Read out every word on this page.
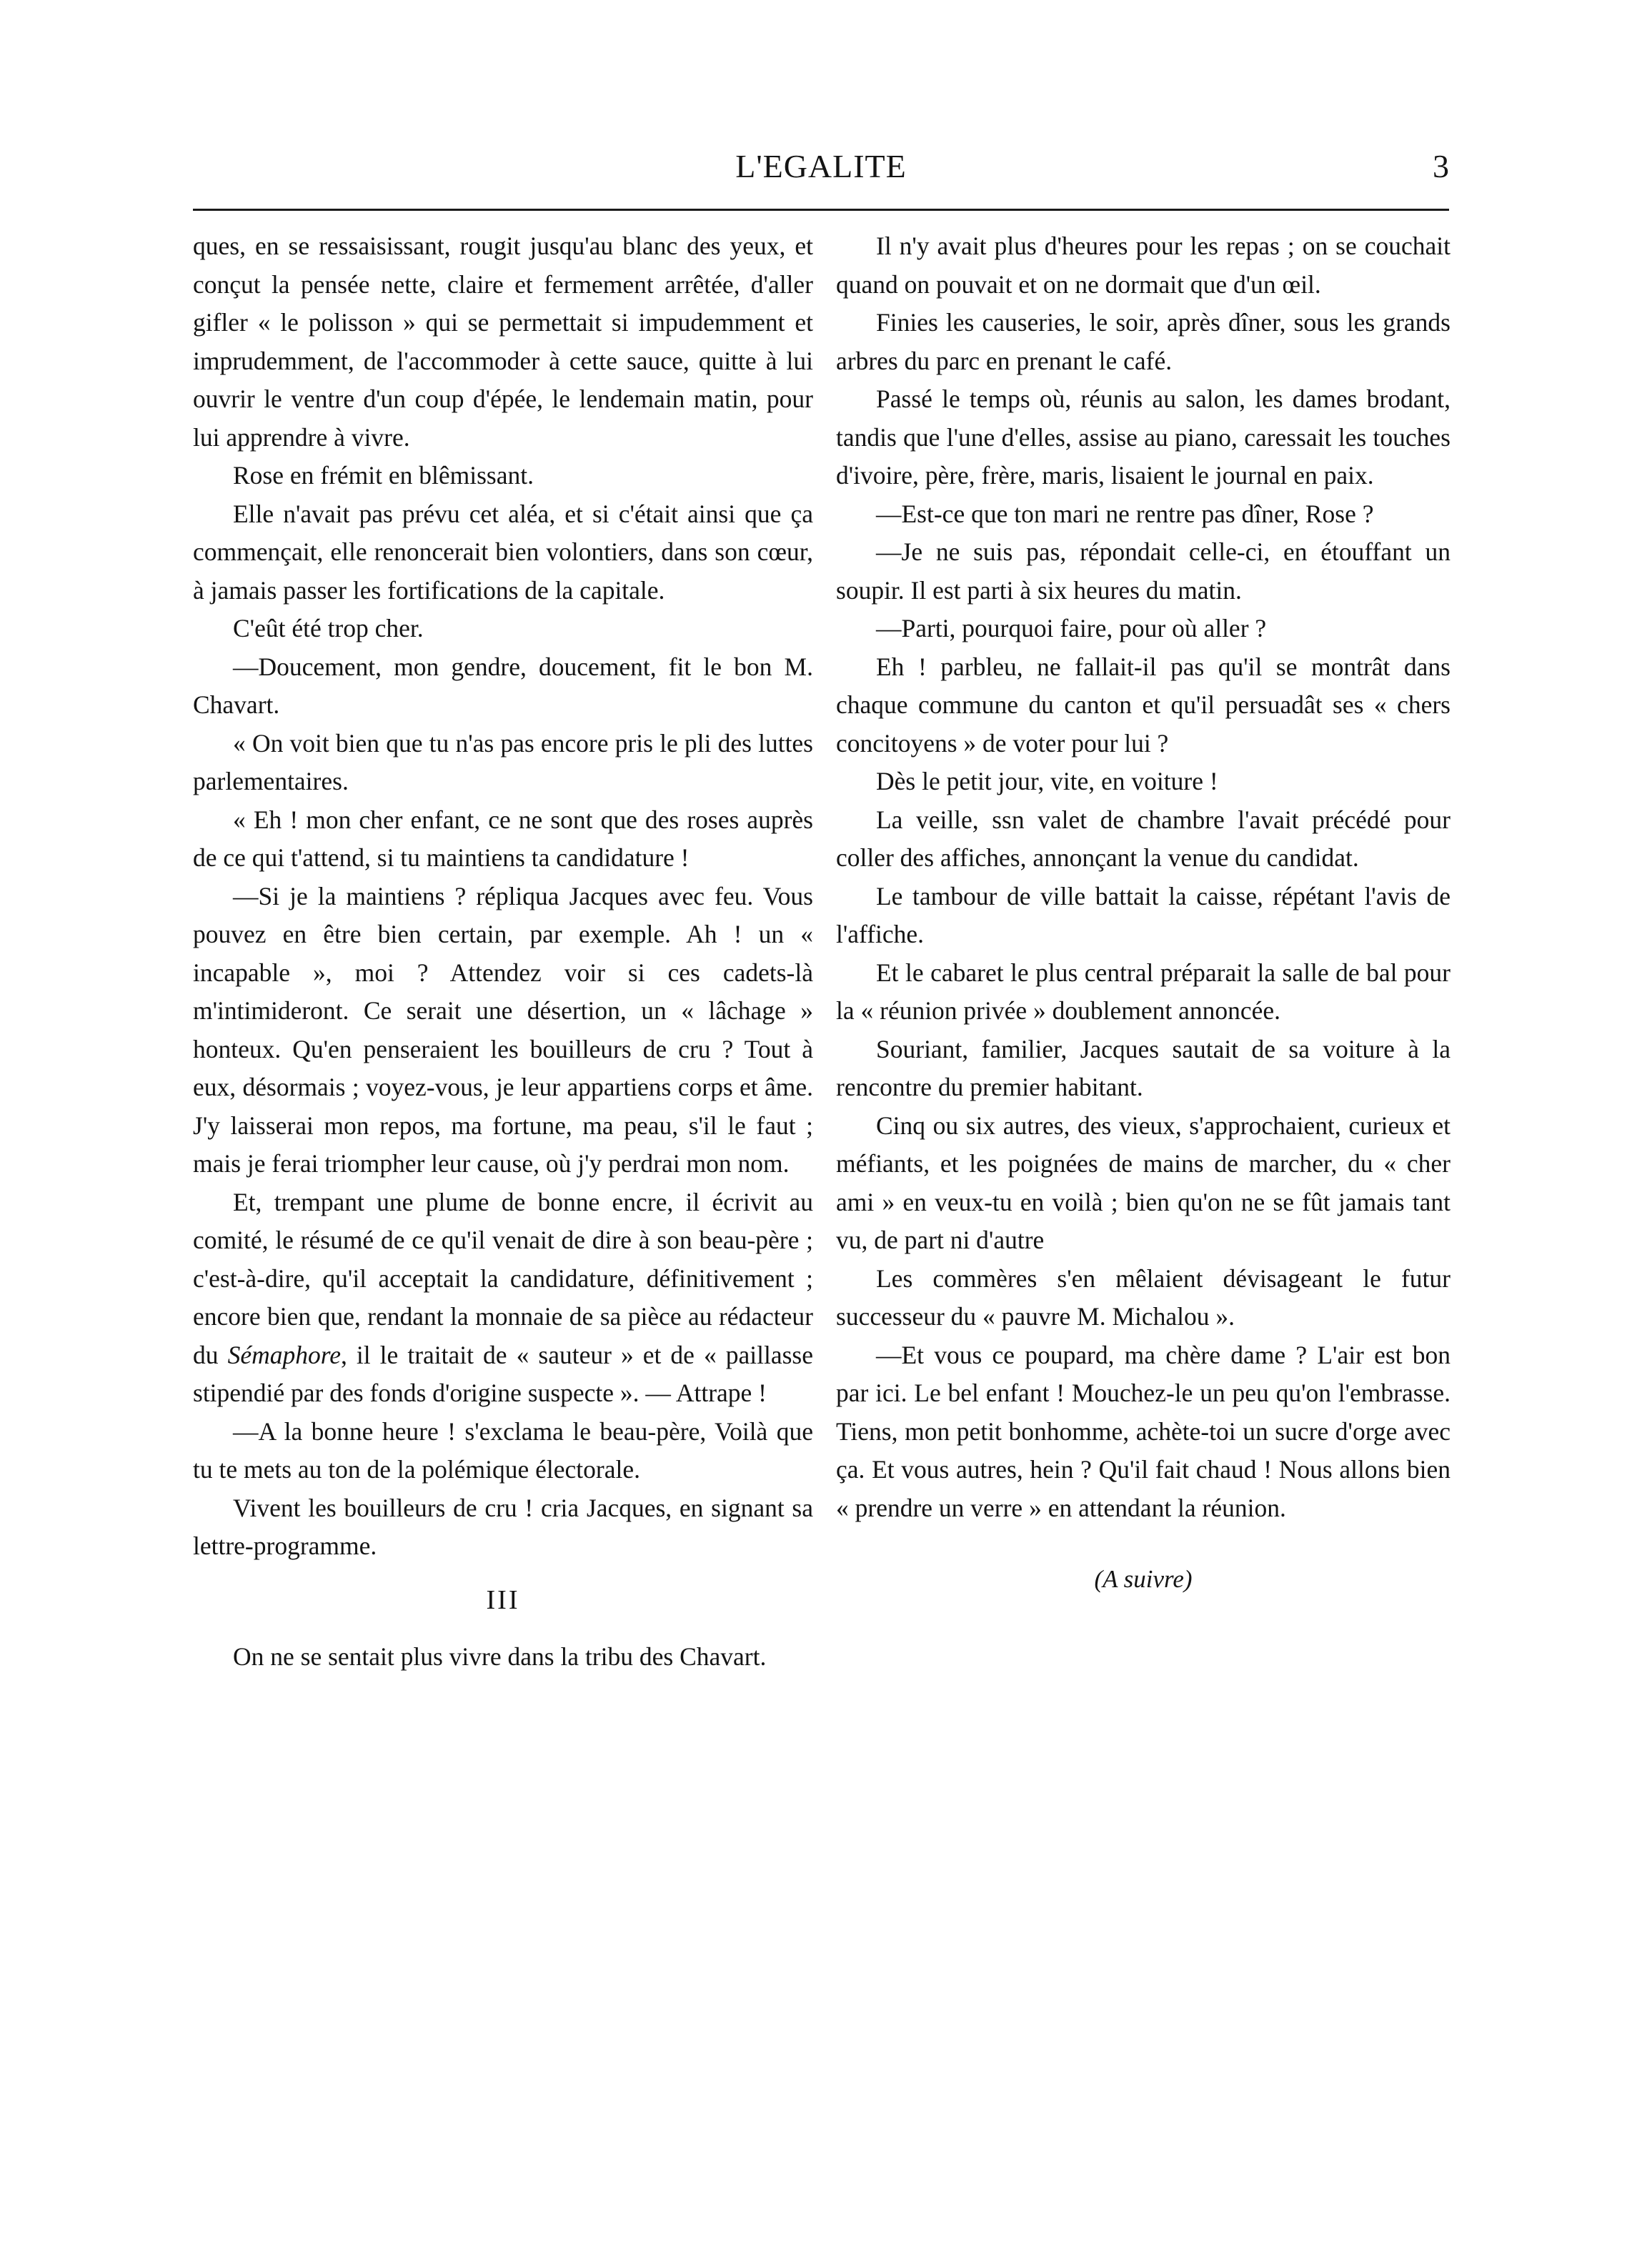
L'EGALITE	3

ques, en se ressaisissant, rougit jusqu'au blanc des yeux, et conçut la pensée nette, claire et fermement arrêtée, d'aller gifler « le polisson » qui se permettait si impudemment et imprudemment, de l'accommoder à cette sauce, quitte à lui ouvrir le ventre d'un coup d'épée, le lendemain matin, pour lui apprendre à vivre.

Rose en frémit en blêmissant.

Elle n'avait pas prévu cet aléa, et si c'était ainsi que ça commençait, elle renoncerait bien volontiers, dans son cœur, à jamais passer les fortifications de la capitale.

C'eût été trop cher.

—Doucement, mon gendre, doucement, fit le bon M. Chavart.

« On voit bien que tu n'as pas encore pris le pli des luttes parlementaires.

« Eh ! mon cher enfant, ce ne sont que des roses auprès de ce qui t'attend, si tu maintiens ta candidature !

—Si je la maintiens ? répliqua Jacques avec feu. Vous pouvez en être bien certain, par exemple. Ah ! un « incapable », moi ? Attendez voir si ces cadets-là m'intimideront. Ce serait une désertion, un « lâchage » honteux. Qu'en penseraient les bouilleurs de cru ? Tout à eux, désormais ; voyez-vous, je leur appartiens corps et âme. J'y laisserai mon repos, ma fortune, ma peau, s'il le faut ; mais je ferai triompher leur cause, où j'y perdrai mon nom.

Et, trempant une plume de bonne encre, il écrivit au comité, le résumé de ce qu'il venait de dire à son beau-père ; c'est-à-dire, qu'il acceptait la candidature, définitivement ; encore bien que, rendant la monnaie de sa pièce au rédacteur du Sémaphore, il le traitait de « sauteur » et de « paillasse stipendié par des fonds d'origine suspecte ». — Attrape !

—A la bonne heure ! s'exclama le beau-père, Voilà que tu te mets au ton de la polémique électorale.

Vivent les bouilleurs de cru ! cria Jacques, en signant sa lettre-programme.

III

On ne se sentait plus vivre dans la tribu des Chavart.

Il n'y avait plus d'heures pour les repas ; on se couchait quand on pouvait et on ne dormait que d'un œil.

Finies les causeries, le soir, après dîner, sous les grands arbres du parc en prenant le café.

Passé le temps où, réunis au salon, les dames brodant, tandis que l'une d'elles, assise au piano, caressait les touches d'ivoire, père, frère, maris, lisaient le journal en paix.

—Est-ce que ton mari ne rentre pas dîner, Rose ?

—Je ne suis pas, répondait celle-ci, en étouffant un soupir. Il est parti à six heures du matin.

—Parti, pourquoi faire, pour où aller ?

Eh ! parbleu, ne fallait-il pas qu'il se montrât dans chaque commune du canton et qu'il persuadât ses « chers concitoyens » de voter pour lui ?

Dès le petit jour, vite, en voiture !

La veille, ssn valet de chambre l'avait précédé pour coller des affiches, annonçant la venue du candidat.

Le tambour de ville battait la caisse, répétant l'avis de l'affiche.

Et le cabaret le plus central préparait la salle de bal pour la « réunion privée » doublement annoncée.

Souriant, familier, Jacques sautait de sa voiture à la rencontre du premier habitant.

Cinq ou six autres, des vieux, s'approchaient, curieux et méfiants, et les poignées de mains de marcher, du « cher ami » en veux-tu en voilà ; bien qu'on ne se fût jamais tant vu, de part ni d'autre

Les commères s'en mêlaient dévisageant le futur successeur du « pauvre M. Michalou ».

—Et vous ce poupard, ma chère dame ? L'air est bon par ici. Le bel enfant ! Mouchez-le un peu qu'on l'embrasse. Tiens, mon petit bonhomme, achète-toi un sucre d'orge avec ça. Et vous autres, hein ? Qu'il fait chaud ! Nous allons bien « prendre un verre » en attendant la réunion.

(A suivre)
